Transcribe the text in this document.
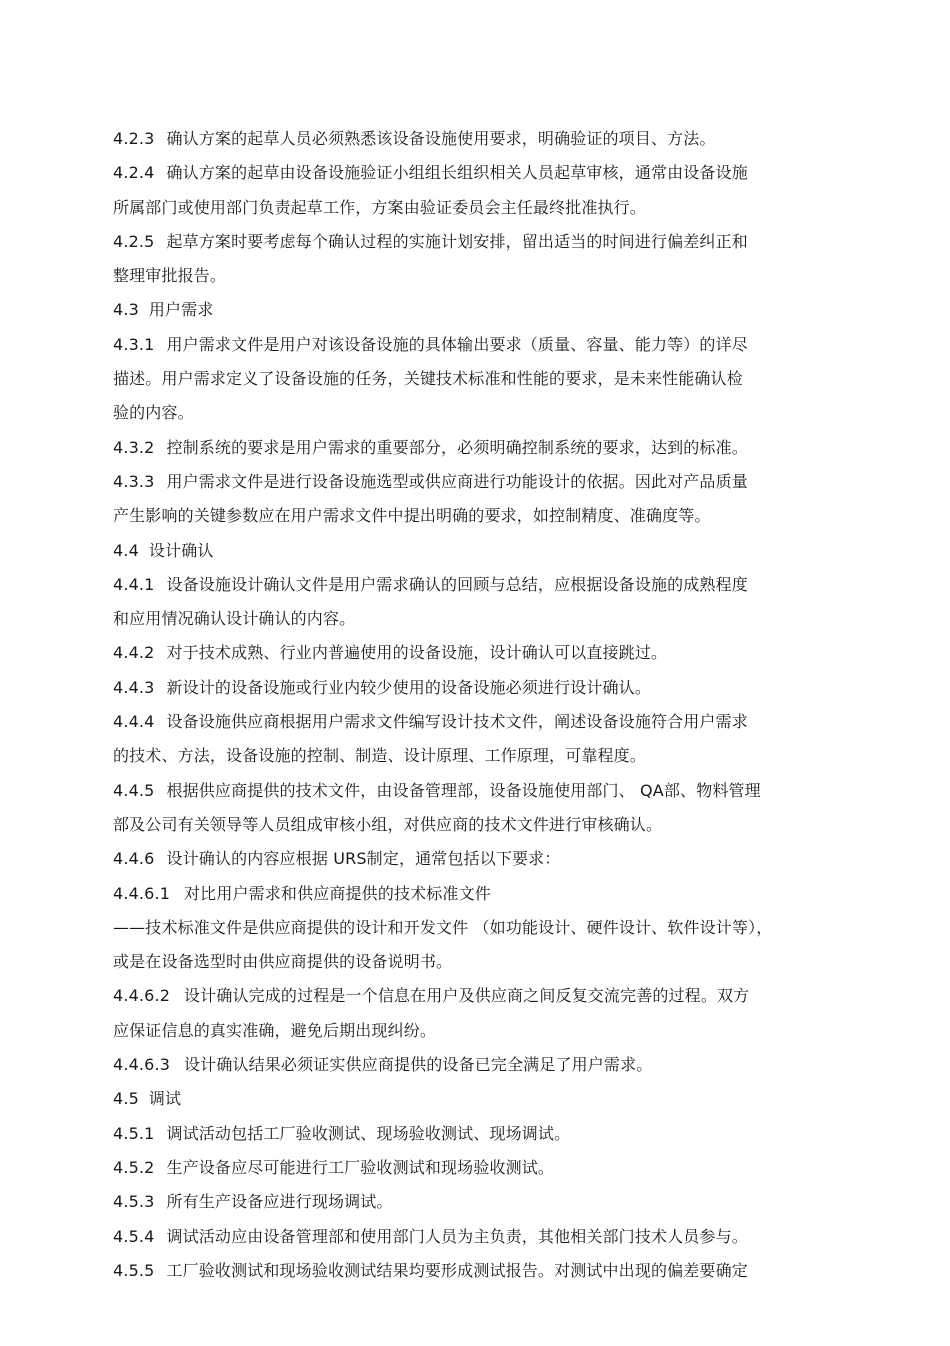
4.2.3 确认方案的起草人员必须熟悉该设备设施使用要求，明确验证的项目、方法。
4.2.4 确认方案的起草由设备设施验证小组组长组织相关人员起草审核，通常由设备设施
所属部门或使用部门负责起草工作，方案由验证委员会主任最终批准执行。
4.2.5 起草方案时要考虑每个确认过程的实施计划安排，留出适当的时间进行偏差纠正和
整理审批报告。
4.3 用户需求
4.3.1 用户需求文件是用户对该设备设施的具体输出要求（质量、容量、能力等）的详尽
描述。用户需求定义了设备设施的任务，关键技术标准和性能的要求，是未来性能确认检
验的内容。
4.3.2 控制系统的要求是用户需求的重要部分，必须明确控制系统的要求，达到的标准。
4.3.3 用户需求文件是进行设备设施选型或供应商进行功能设计的依据。因此对产品质量
产生影响的关键参数应在用户需求文件中提出明确的要求，如控制精度、准确度等。
4.4 设计确认
4.4.1 设备设施设计确认文件是用户需求确认的回顾与总结，应根据设备设施的成熟程度
和应用情况确认设计确认的内容。
4.4.2 对于技术成熟、行业内普遍使用的设备设施，设计确认可以直接跳过。
4.4.3 新设计的设备设施或行业内较少使用的设备设施必须进行设计确认。
4.4.4 设备设施供应商根据用户需求文件编写设计技术文件，阐述设备设施符合用户需求
的技术、方法，设备设施的控制、制造、设计原理、工作原理，可靠程度。
4.4.5 根据供应商提供的技术文件，由设备管理部，设备设施使用部门、 QA部、物料管理
部及公司有关领导等人员组成审核小组，对供应商的技术文件进行审核确认。
4.4.6 设计确认的内容应根据 URS制定，通常包括以下要求：
4.4.6.1 对比用户需求和供应商提供的技术标准文件
——技术标准文件是供应商提供的设计和开发文件 （如功能设计、硬件设计、软件设计等），
或是在设备选型时由供应商提供的设备说明书。
4.4.6.2 设计确认完成的过程是一个信息在用户及供应商之间反复交流完善的过程。双方
应保证信息的真实准确，避免后期出现纠纷。
4.4.6.3 设计确认结果必须证实供应商提供的设备已完全满足了用户需求。
4.5 调试
4.5.1 调试活动包括工厂验收测试、现场验收测试、现场调试。
4.5.2 生产设备应尽可能进行工厂验收测试和现场验收测试。
4.5.3 所有生产设备应进行现场调试。
4.5.4 调试活动应由设备管理部和使用部门人员为主负责，其他相关部门技术人员参与。
4.5.5 工厂验收测试和现场验收测试结果均要形成测试报告。对测试中出现的偏差要确定
